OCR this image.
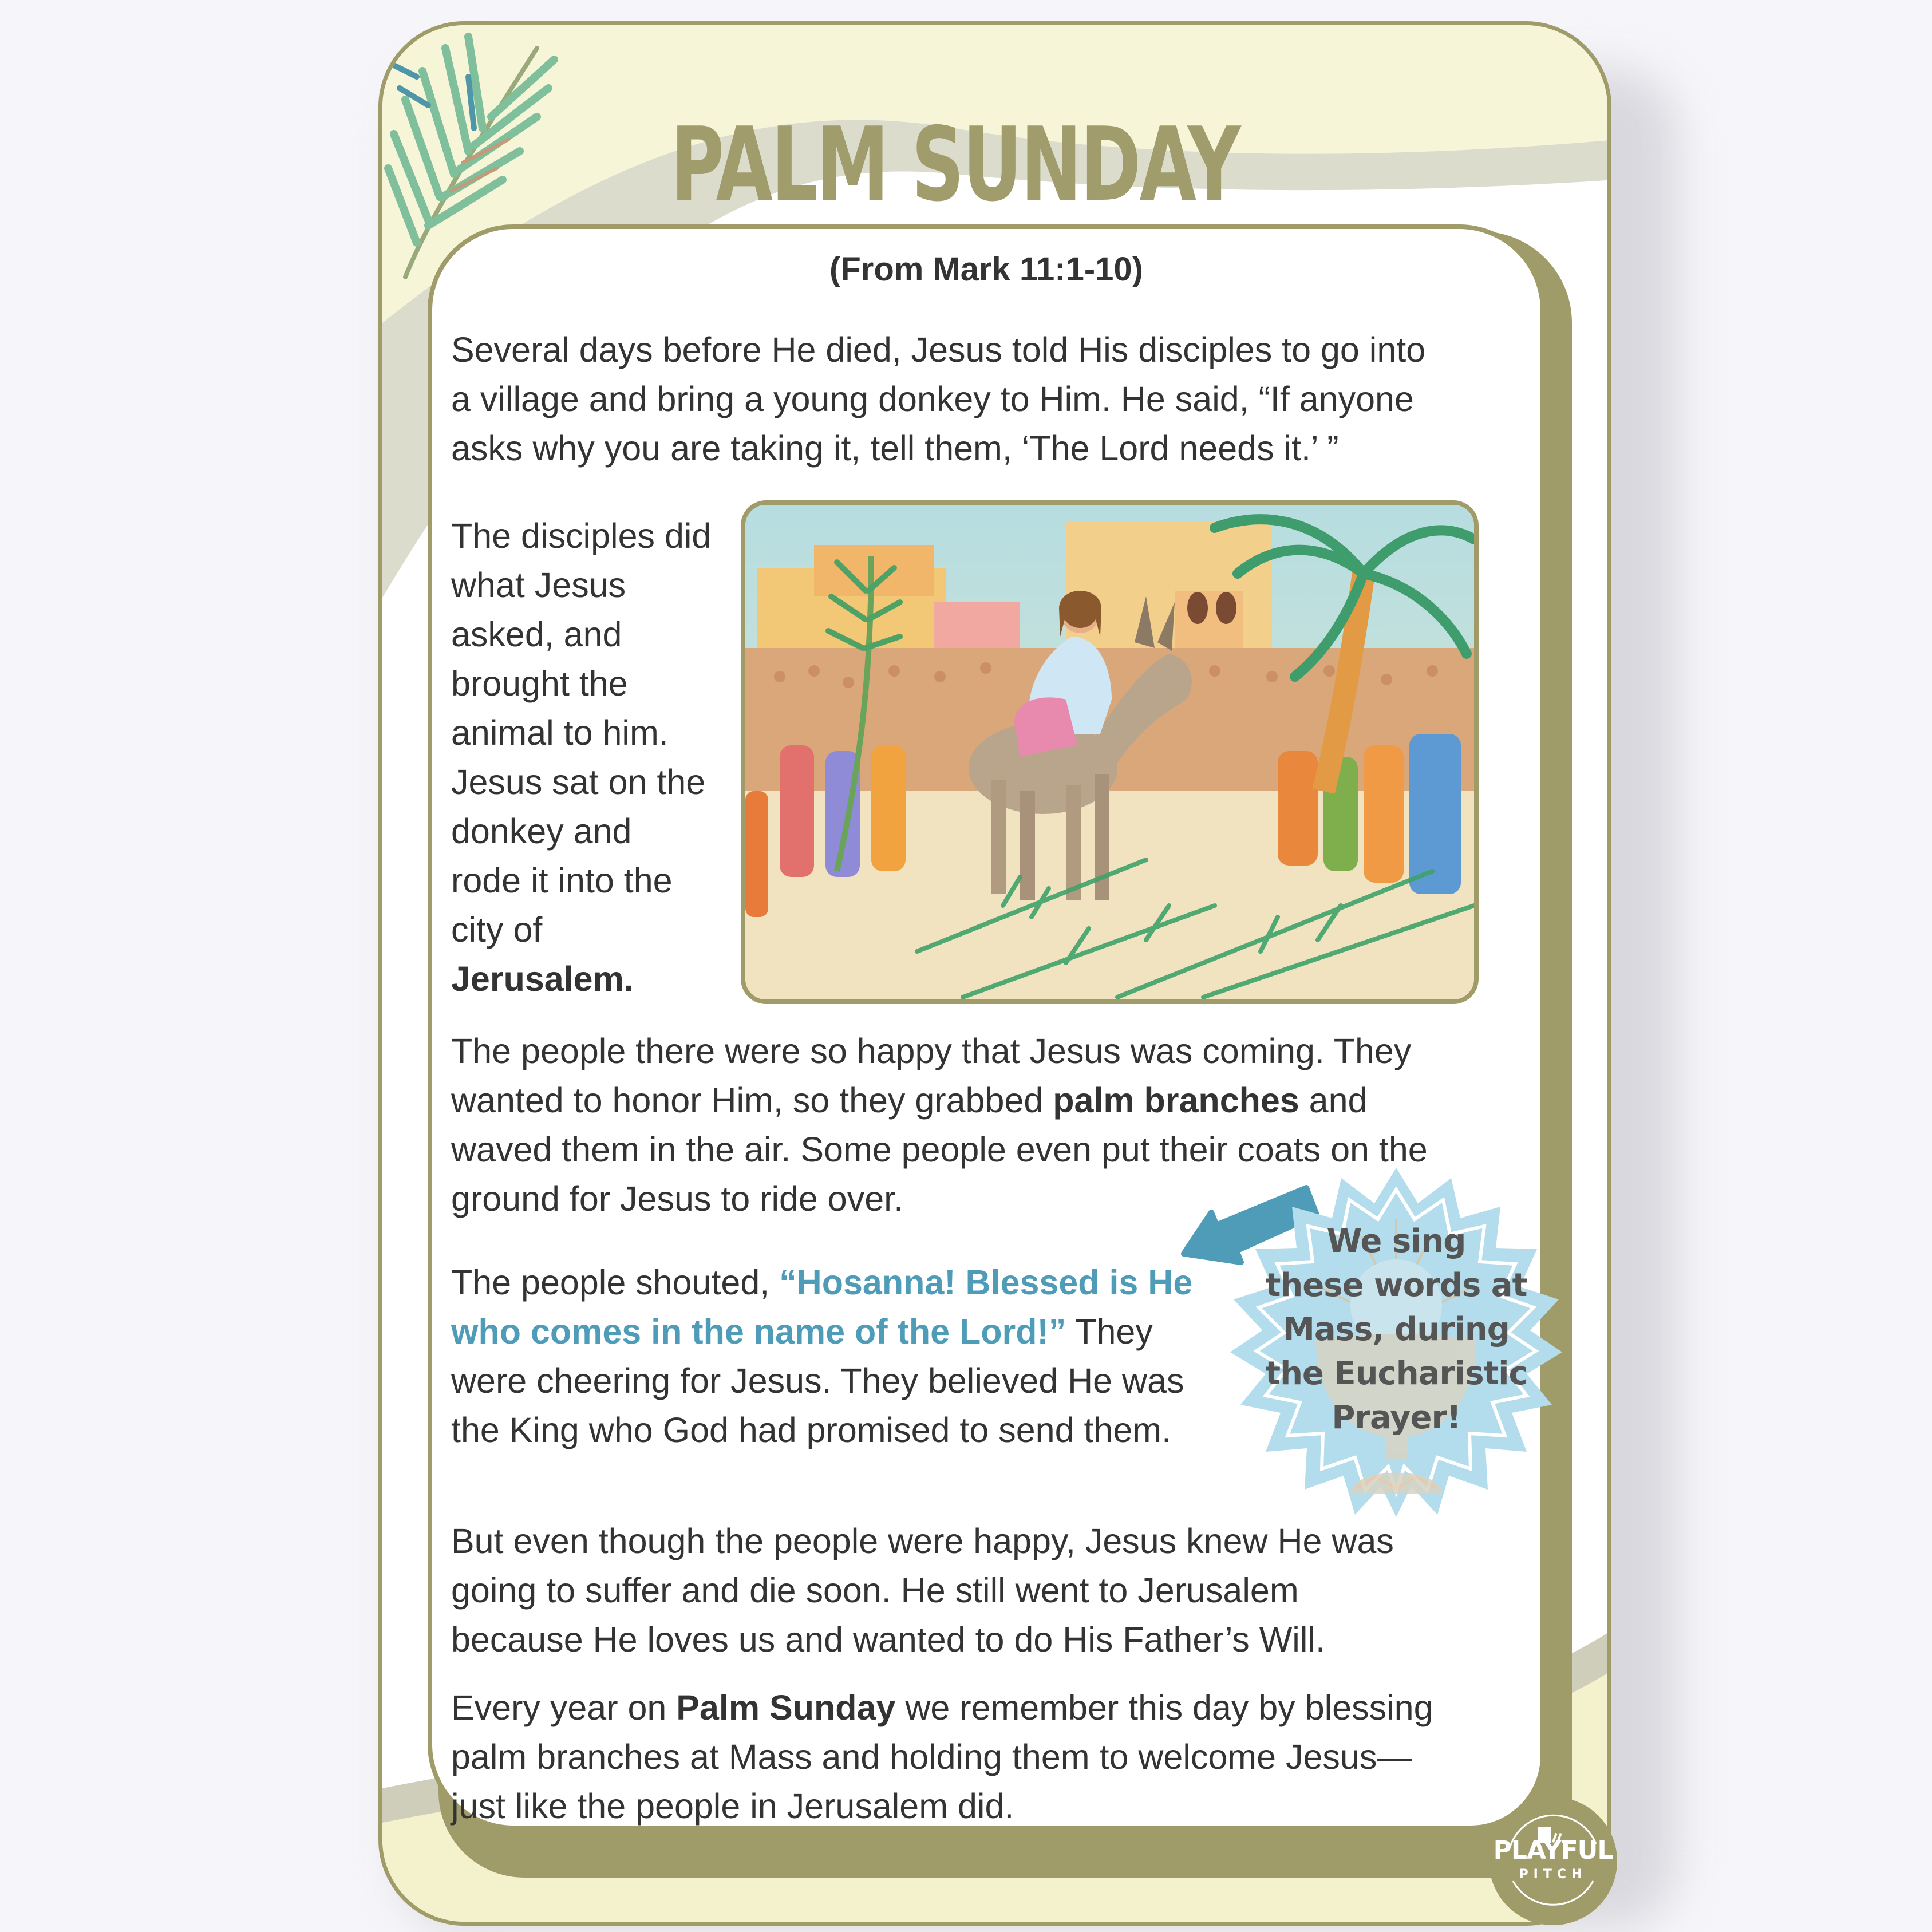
PALM SUNDAY
(From Mark 11:1-10)
Several days before He died, Jesus told His disciples to go into
a village and bring a young donkey to Him. He said, “If anyone
asks why you are taking it, tell them, ‘The Lord needs it.’ ”
The disciples did
what Jesus
asked, and
brought the
animal to him.
Jesus sat on the
donkey and
rode it into the
city of
Jerusalem.
The people there were so happy that Jesus was coming. They
wanted to honor Him, so they grabbed palm branches and
waved them in the air. Some people even put their coats on the
ground for Jesus to ride over.
The people shouted, “Hosanna! Blessed is He
who comes in the name of the Lord!” They
were cheering for Jesus. They believed He was
the King who God had promised to send them.
We sing
these words at
Mass, during
the Eucharistic
Prayer!
But even though the people were happy, Jesus knew He was
going to suffer and die soon. He still went to Jerusalem
because He loves us and wanted to do His Father’s Will.
Every year on Palm Sunday we remember this day by blessing
palm branches at Mass and holding them to welcome Jesus—
just like the people in Jerusalem did.
PLAYFUL
PITCH
